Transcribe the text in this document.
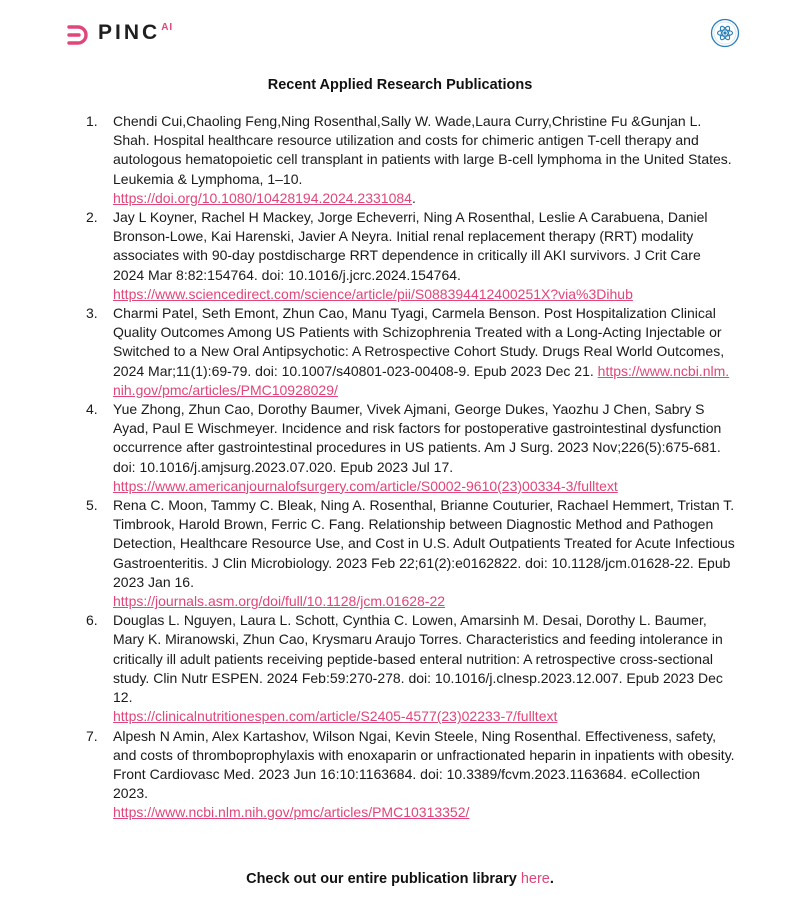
$PINC^{AI}$
Recent Applied Research Publications
1. Chendi Cui,Chaoling Feng,Ning Rosenthal,Sally W. Wade,Laura Curry,Christine Fu &Gunjan L. Shah. Hospital healthcare resource utilization and costs for chimeric antigen T-cell therapy and autologous hematopoietic cell transplant in patients with large B-cell lymphoma in the United States. Leukemia & Lymphoma, 1–10.
https://doi.org/10.1080/10428194.2024.2331084.
2. Jay L Koyner, Rachel H Mackey, Jorge Echeverri, Ning A Rosenthal, Leslie A Carabuena, Daniel Bronson-Lowe, Kai Harenski, Javier A Neyra. Initial renal replacement therapy (RRT) modality associates with 90-day postdischarge RRT dependence in critically ill AKI survivors. J Crit Care
2024 Mar 8:82:154764. doi: 10.1016/j.jcrc.2024.154764.
https://www.sciencedirect.com/science/article/pii/S088394412400251X?via%3Dihub
3. Charmi Patel, Seth Emont, Zhun Cao, Manu Tyagi, Carmela Benson. Post Hospitalization Clinical Quality Outcomes Among US Patients with Schizophrenia Treated with a Long-Acting Injectable or Switched to a New Oral Antipsychotic: A Retrospective Cohort Study. Drugs Real World Outcomes, 2024 Mar;11(1):69-79. doi: 10.1007/s40801-023-00408-9. Epub 2023 Dec 21. https://www.ncbi.nlm.nih.gov/pmc/articles/PMC10928029/
4. Yue Zhong, Zhun Cao, Dorothy Baumer, Vivek Ajmani, George Dukes, Yaozhu J Chen, Sabry S Ayad, Paul E Wischmeyer. Incidence and risk factors for postoperative gastrointestinal dysfunction occurrence after gastrointestinal procedures in US patients. Am J Surg. 2023 Nov;226(5):675-681. doi: 10.1016/j.amjsurg.2023.07.020. Epub 2023 Jul 17.
https://www.americanjournalofsurgery.com/article/S0002-9610(23)00334-3/fulltext
5. Rena C. Moon, Tammy C. Bleak, Ning A. Rosenthal, Brianne Couturier, Rachael Hemmert, Tristan T. Timbrook, Harold Brown, Ferric C. Fang. Relationship between Diagnostic Method and Pathogen Detection, Healthcare Resource Use, and Cost in U.S. Adult Outpatients Treated for Acute Infectious Gastroenteritis. J Clin Microbiology. 2023 Feb 22;61(2):e0162822. doi: 10.1128/jcm.01628-22. Epub 2023 Jan 16.
https://journals.asm.org/doi/full/10.1128/jcm.01628-22
6. Douglas L. Nguyen, Laura L. Schott, Cynthia C. Lowen, Amarsinh M. Desai, Dorothy L. Baumer, Mary K. Miranowski, Zhun Cao, Krysmaru Araujo Torres. Characteristics and feeding intolerance in critically ill adult patients receiving peptide-based enteral nutrition: A retrospective cross-sectional study. Clin Nutr ESPEN. 2024 Feb:59:270-278. doi: 10.1016/j.clnesp.2023.12.007. Epub 2023 Dec 12.
https://clinicalnutritionespen.com/article/S2405-4577(23)02233-7/fulltext
7. Alpesh N Amin, Alex Kartashov, Wilson Ngai, Kevin Steele, Ning Rosenthal. Effectiveness, safety, and costs of thromboprophylaxis with enoxaparin or unfractionated heparin in inpatients with obesity. Front Cardiovasc Med. 2023 Jun 16:10:1163684. doi: 10.3389/fcvm.2023.1163684. eCollection 2023.
https://www.ncbi.nlm.nih.gov/pmc/articles/PMC10313352/
Check out our entire publication library here.
